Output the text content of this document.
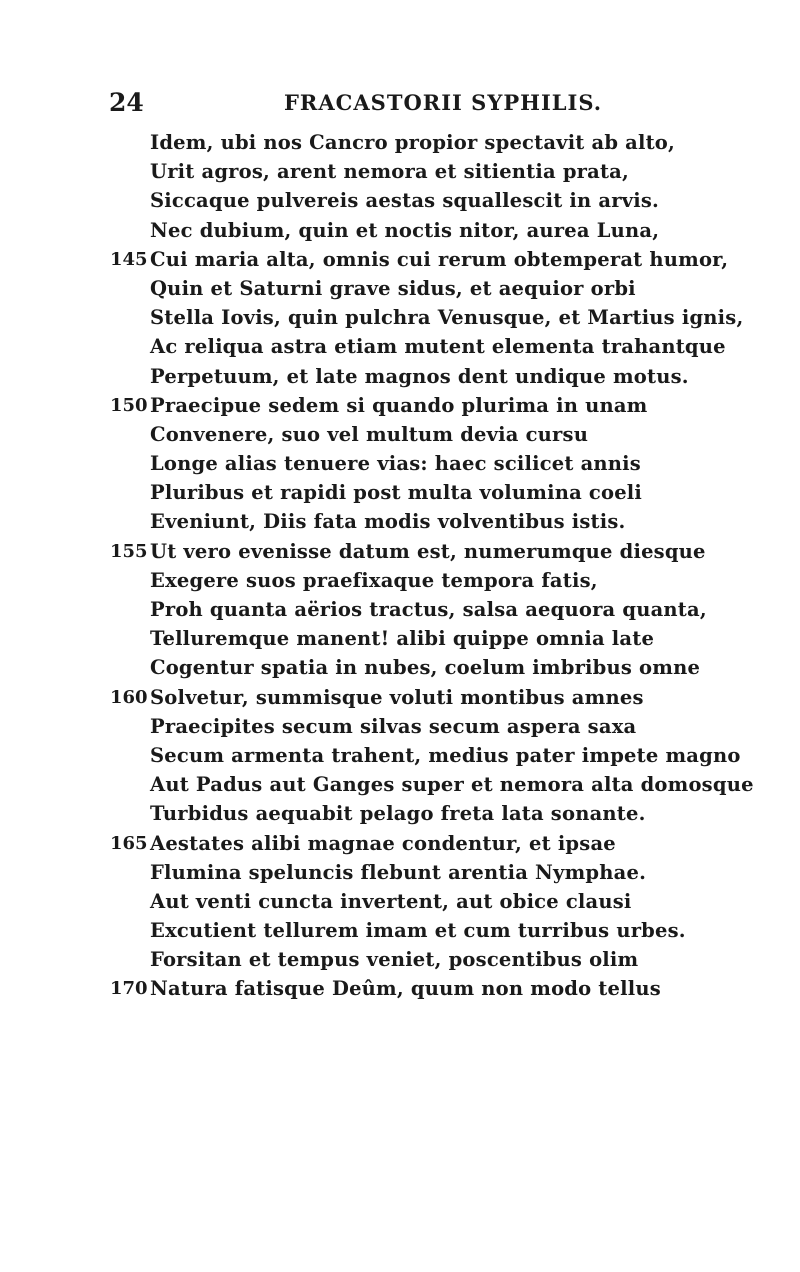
24	FRACASTORII SYPHILIS.
Idem, ubi nos Cancro propior spectavit ab alto,
Urit agros, arent nemora et sitientia prata,
Siccaque pulvereis aestas squallescit in arvis.
Nec dubium, quin et noctis nitor, aurea Luna,
145 Cui maria alta, omnis cui rerum obtemperat humor,
Quin et Saturni grave sidus, et aequior orbi
Stella Iovis, quin pulchra Venusque, et Martius ignis,
Ac reliqua astra etiam mutent elementa trahantque
Perpetuum, et late magnos dent undique motus.
150 Praecipue sedem si quando plurima in unam
Convenere, suo vel multum devia cursu
Longe alias tenuere vias: haec scilicet annis
Pluribus et rapidi post multa volumina coeli
Eveniunt, Diis fata modis volventibus istis.
155 Ut vero evenisse datum est, numerumque diesque
Exegere suos praefixaque tempora fatis,
Proh quanta aërios tractus, salsa aequora quanta,
Telluremque manent! alibi quippe omnia late
Cogentur spatia in nubes, coelum imbribus omne
160 Solvetur, summisque voluti montibus amnes
Praecipites secum silvas secum aspera saxa
Secum armenta trahent, medius pater impete magno
Aut Padus aut Ganges super et nemora alta domosque
Turbidus aequabit pelago freta lata sonante.
165 Aestates alibi magnae condentur, et ipsae
Flumina speluncis flebunt arentia Nymphae.
Aut venti cuncta invertent, aut obice clausi
Excutient tellurem imam et cum turribus urbes.
Forsitan et tempus veniet, poscentibus olim
170 Natura fatisque Deûm, quum non modo tellus
